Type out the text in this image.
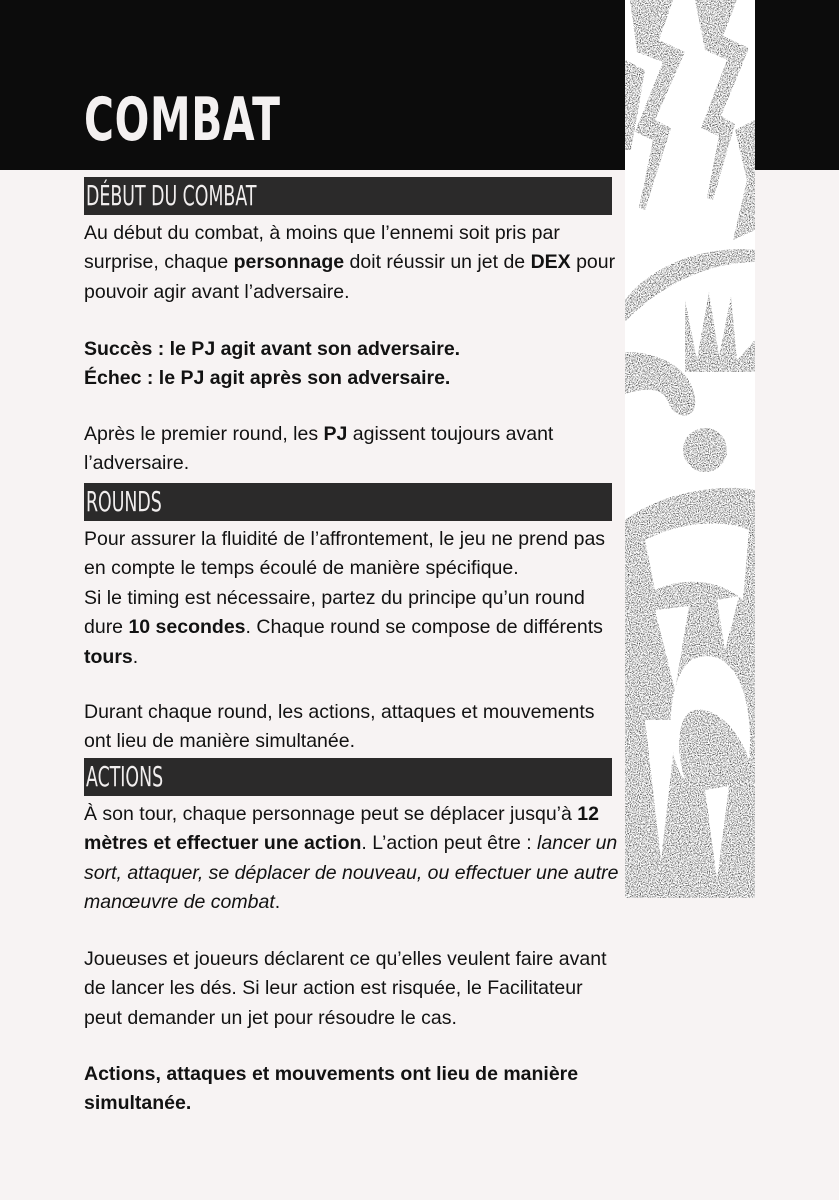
COMBAT
DÉBUT DU COMBAT

Au début du combat, à moins que l’ennemi soit pris par surprise, chaque personnage doit réussir un jet de DEX pour pouvoir agir avant l’adversaire.

Succès : le PJ agit avant son adversaire.
Échec : le PJ agit après son adversaire.

Après le premier round, les PJ agissent toujours avant l’adversaire.

ROUNDS

Pour assurer la fluidité de l’affrontement, le jeu ne prend pas en compte le temps écoulé de manière spécifique.
Si le timing est nécessaire, partez du principe qu’un round dure 10 secondes. Chaque round se compose de différents tours.

Durant chaque round, les actions, attaques et mouvements ont lieu de manière simultanée.

ACTIONS

À son tour, chaque personnage peut se déplacer jusqu’à 12 mètres et effectuer une action. L’action peut être : lancer un sort, attaquer, se déplacer de nouveau, ou effectuer une autre manœuvre de combat.

Joueuses et joueurs déclarent ce qu’elles veulent faire avant de lancer les dés. Si leur action est risquée, le Facilitateur peut demander un jet pour résoudre le cas.

Actions, attaques et mouvements ont lieu de manière simultanée.
